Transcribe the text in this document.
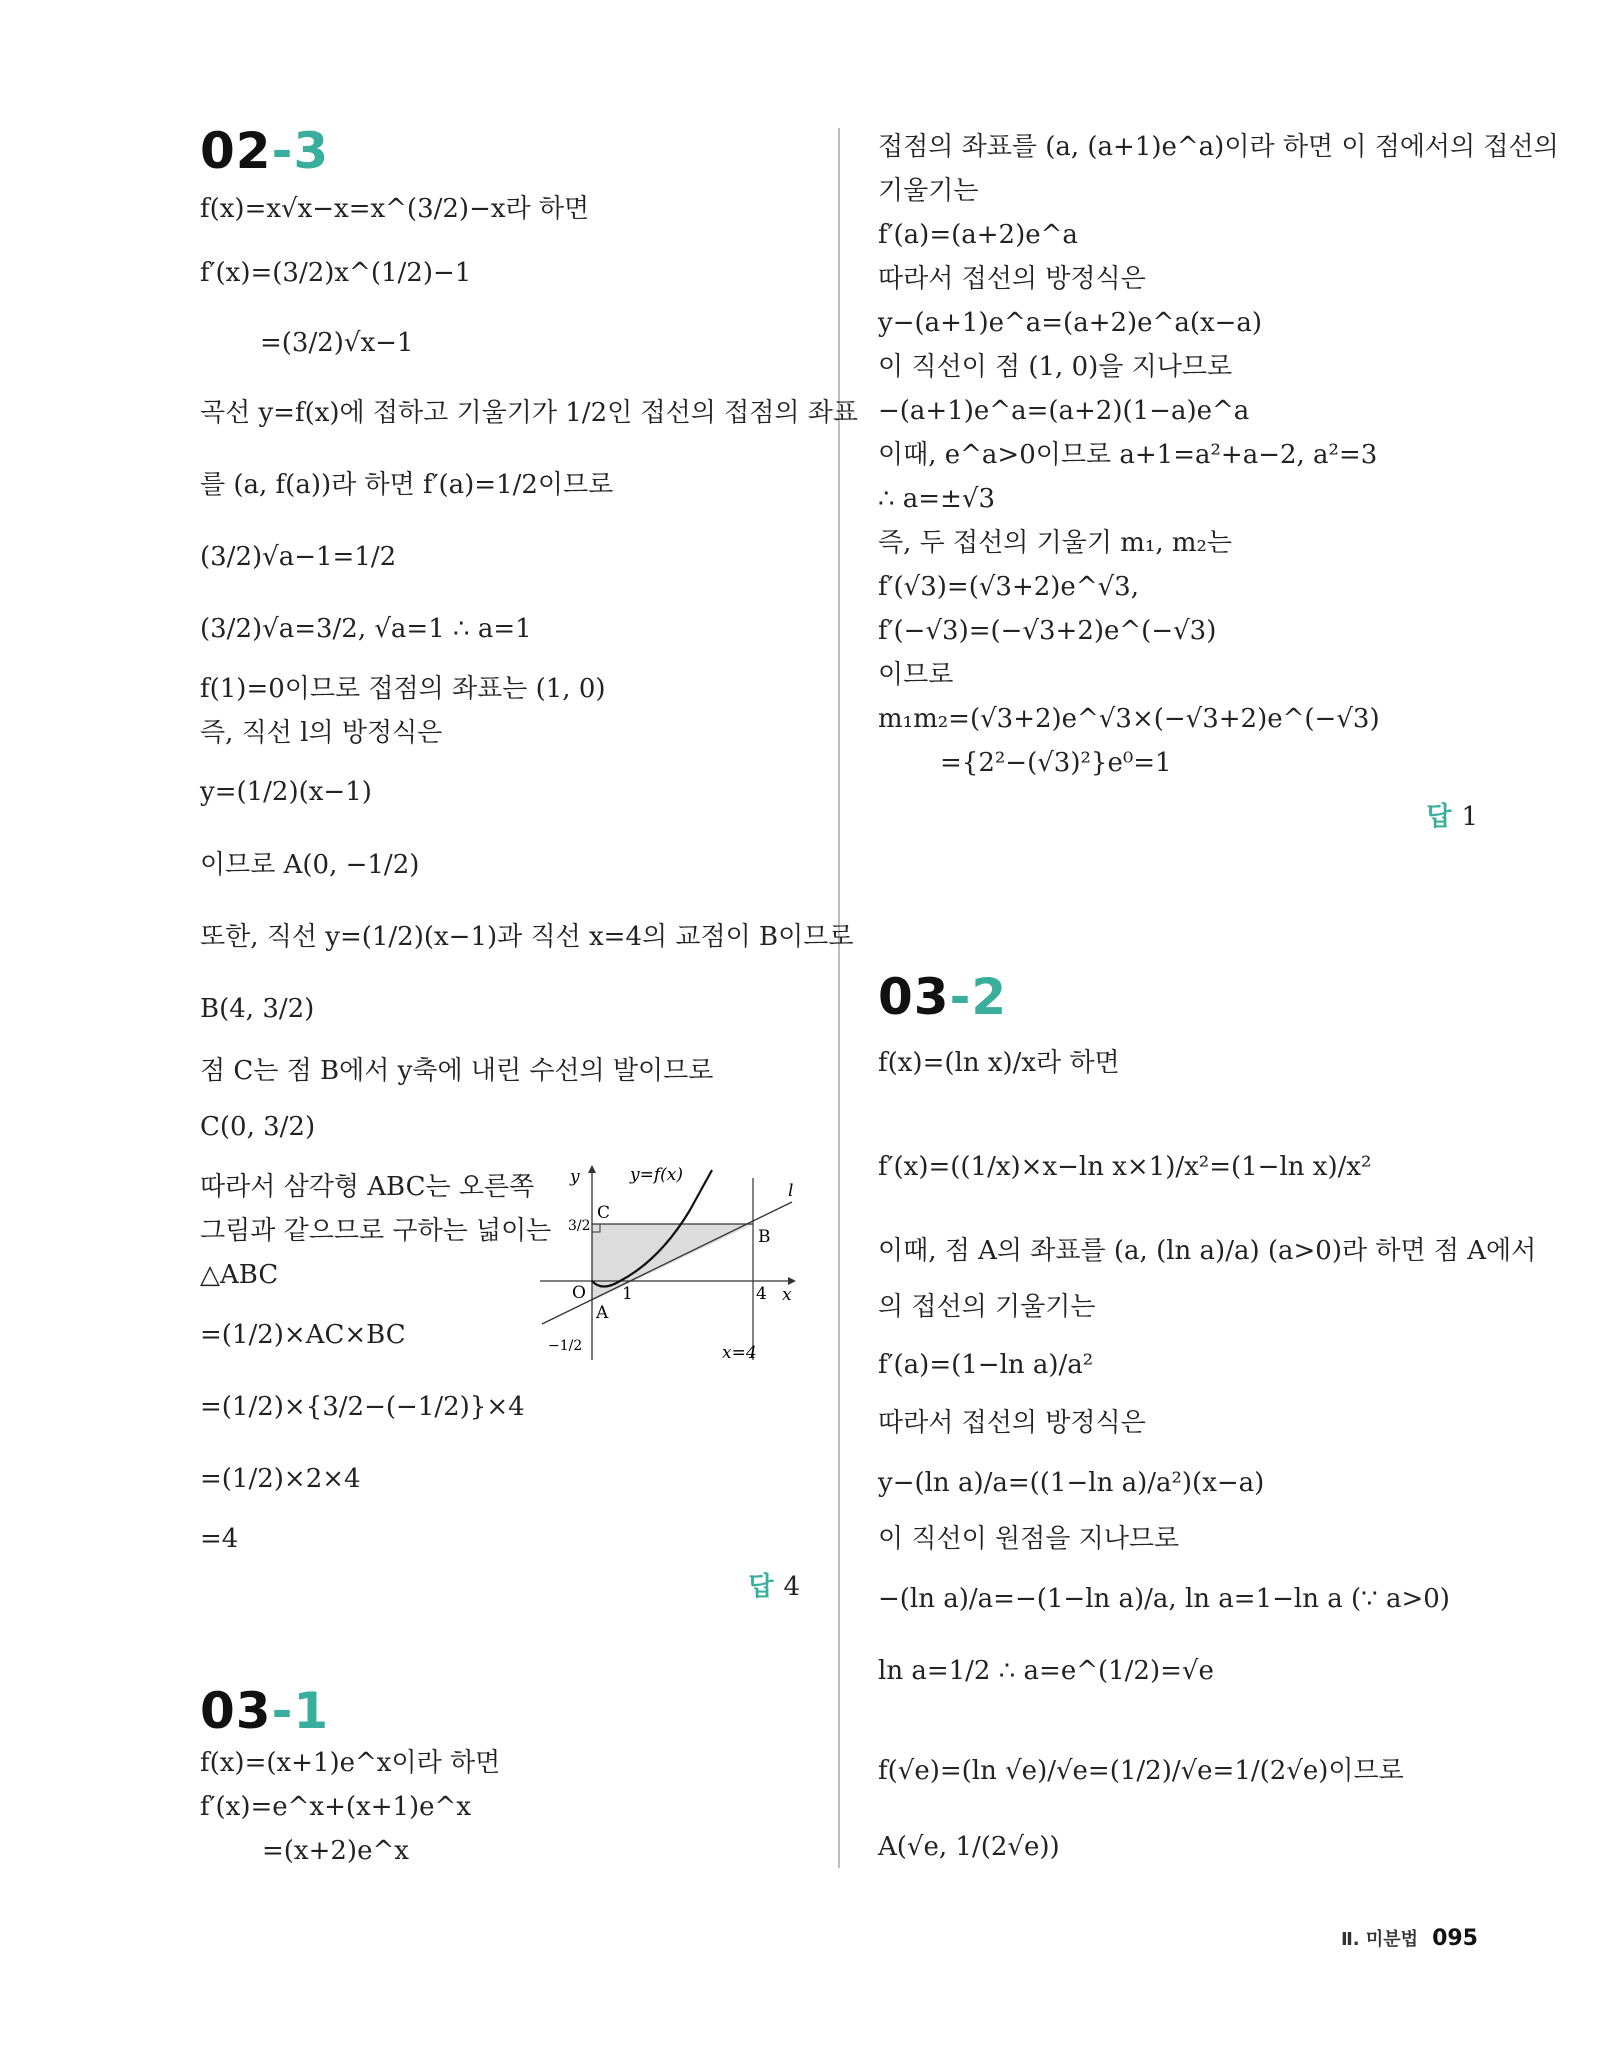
02-3
f(x)=x√x−x=x^(3/2)−x라 하면
f′(x)=(3/2)x^(1/2)−1
=(3/2)√x−1
곡선 y=f(x)에 접하고 기울기가 1/2인 접선의 접점의 좌표
를 (a, f(a))라 하면 f′(a)=1/2이므로
(3/2)√a−1=1/2
(3/2)√a=3/2, √a=1 ∴ a=1
f(1)=0이므로 접점의 좌표는 (1, 0)
즉, 직선 l의 방정식은
y=(1/2)(x−1)
이므로 A(0, −1/2)
또한, 직선 y=(1/2)(x−1)과 직선 x=4의 교점이 B이므로
B(4, 3/2)
점 C는 점 B에서 y축에 내린 수선의 발이므로
C(0, 3/2)
따라서 삼각형 ABC는 오른쪽
그림과 같으므로 구하는 넓이는
△ABC
=(1/2)×AC×BC
=(1/2)×{3/2−(−1/2)}×4
=(1/2)×2×4
=4
답 4
03-1
f(x)=(x+1)e^x이라 하면
f′(x)=e^x+(x+1)e^x
=(x+2)e^x
y	y=f(x)
l
3/2
C
B
O 1	4 x
A
−1/2	x=4
접점의 좌표를 (a, (a+1)e^a)이라 하면 이 점에서의 접선의
기울기는
f′(a)=(a+2)e^a
따라서 접선의 방정식은
y−(a+1)e^a=(a+2)e^a(x−a)
이 직선이 점 (1, 0)을 지나므로
−(a+1)e^a=(a+2)(1−a)e^a
이때, e^a>0이므로 a+1=a²+a−2, a²=3
∴ a=±√3
즉, 두 접선의 기울기 m₁, m₂는
f′(√3)=(√3+2)e^√3,
f′(−√3)=(−√3+2)e^(−√3)
이므로
m₁m₂=(√3+2)e^√3×(−√3+2)e^(−√3)
={2²−(√3)²}e⁰=1
답 1
03-2
f(x)=(ln x)/x라 하면
f′(x)=((1/x)×x−ln x×1)/x²=(1−ln x)/x²
이때, 점 A의 좌표를 (a, (ln a)/a) (a>0)라 하면 점 A에서
의 접선의 기울기는
f′(a)=(1−ln a)/a²
따라서 접선의 방정식은
y−(ln a)/a=((1−ln a)/a²)(x−a)
이 직선이 원점을 지나므로
−(ln a)/a=−(1−ln a)/a, ln a=1−ln a (∵ a>0)
ln a=1/2 ∴ a=e^(1/2)=√e
f(√e)=(ln √e)/√e=(1/2)/√e=1/(2√e)이므로
A(√e, 1/(2√e))
Ⅱ. 미분법 095
